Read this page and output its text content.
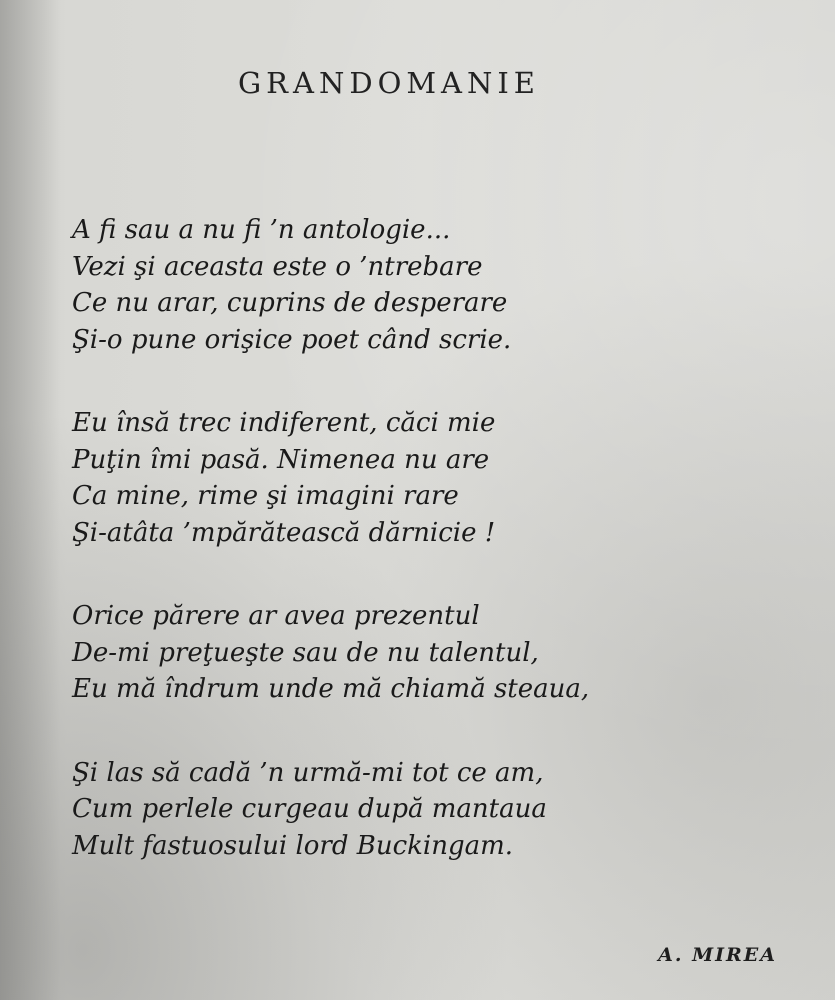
GRANDOMANIE
A fi sau a nu fi ’n antologie...
Vezi şi aceasta este o ’ntrebare
Ce nu arar, cuprins de desperare
Şi-o pune orişice poet când scrie.
Eu însă trec indiferent, căci mie
Puţin îmi pasă. Nimenea nu are
Ca mine, rime şi imagini rare
Şi-atâta ’mpărătească dărnicie !
Orice părere ar avea prezentul
De-mi preţueşte sau de nu talentul,
Eu mă îndrum unde mă chiamă steaua,
Şi las să cadă ’n urmă-mi tot ce am,
Cum perlele curgeau după mantaua
Mult fastuosului lord Buckingam.
A. MIREA
